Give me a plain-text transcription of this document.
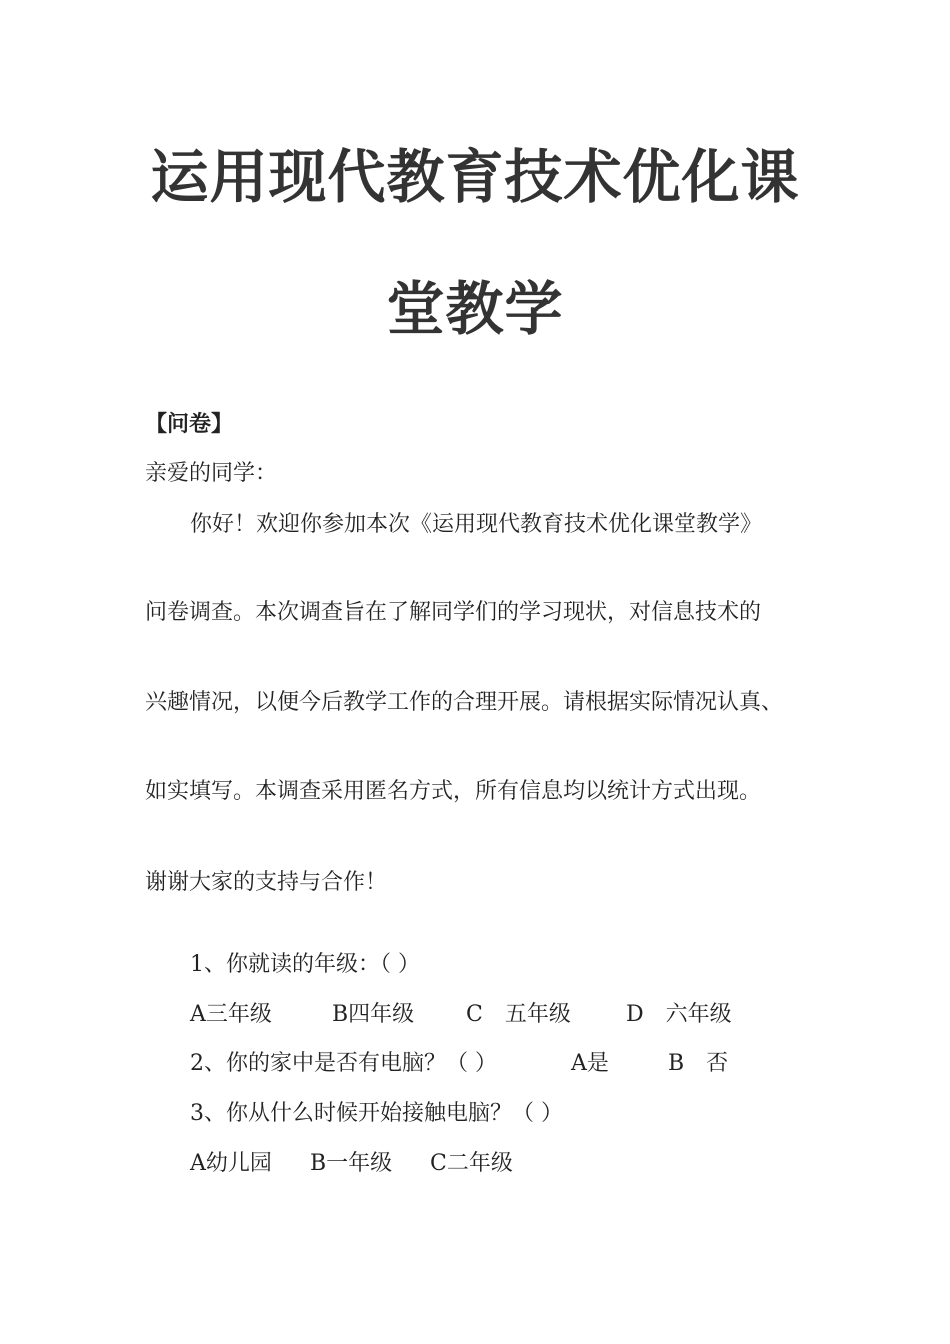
运用现代教育技术优化课
堂教学
【问卷】
亲爱的同学：
你好！欢迎你参加本次《运用现代教育技术优化课堂教学》
问卷调查。本次调查旨在了解同学们的学习现状，对信息技术的
兴趣情况，以便今后教学工作的合理开展。请根据实际情况认真、
如实填写。本调查采用匿名方式，所有信息均以统计方式出现。
谢谢大家的支持与合作！
1、你就读的年级：（ ）
A三年级	B四年级 C　五年级	D　六年级
2、你的家中是否有电脑？（ ）	A是	B　否
3、你从什么时候开始接触电脑？（ ）
A幼儿园 B一年级 C二年级
